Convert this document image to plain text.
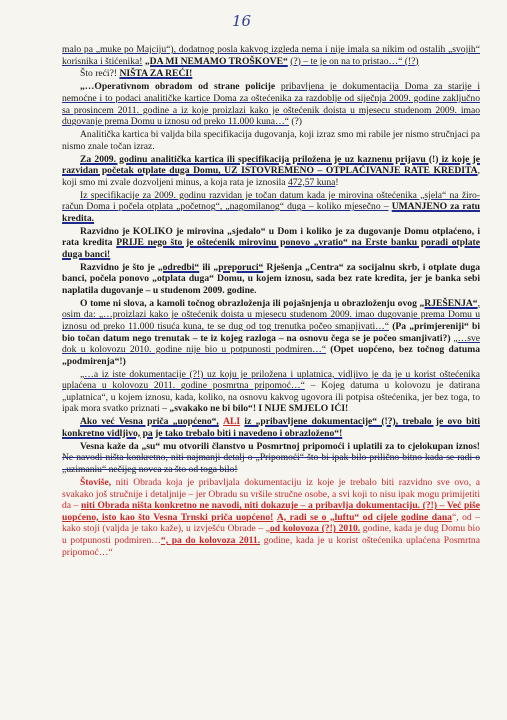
16

malo pa „muke po Majciju“), dodatnog posla kakvog izgleda nema i nije imala sa nikim od ostalih „svojih“ korisnika i štićenika! „DA MI NEMAMO TROŠKOVE“ (?) – te je on na to pristao…“ (!?)

Što reći?! NIŠTA ZA REĆI!

„…Operativnom obradom od strane policije pribavljena je dokumentacija Doma za starije i nemoćne i to podaci analitičke kartice Doma za oštećenika za razdoblje od siječnja 2009. godine zaključno sa prosincem 2011. godine a iz koje proizlazi kako je oštećenik doista u mjesecu studenom 2009. imao dugovanje prema Domu u iznosu od preko 11.000 kuna…“ (?)

Analitička kartica bi valjda bila specifikacija dugovanja, koji izraz smo mi rabile jer nismo stručnjaci pa nismo znale točan izraz.

Za 2009. godinu analitička kartica ili specifikacija priložena je uz kaznenu prijavu (!) iz koje je razvidan početak otplate duga Domu, UZ ISTOVREMENO – OTPLAĆIVANJE RATE KREDITA, koji smo mi zvale dozvoljeni minus, a koja rata je iznosila 472,57 kuna!

Iz specifikacije za 2009. godinu razvidan je točan datum kada je mirovina oštećenika „sjela“ na žiro-račun Doma i počela otplata „početnog“, „nagomilanog“ duga – koliko mjesečno – UMANJENO za ratu kredita.

Razvidno je KOLIKO je mirovina „sjedalo“ u Dom i koliko je za dugovanje Domu otplaćeno, i rata kredita PRIJE nego što je oštećenik mirovinu ponovo „vratio“ na Erste banku poradi otplate duga banci!

Razvidno je što je „odredbi“ ili „preporuci“ Rješenja „Centra“ za socijalnu skrb, i otplate duga banci, počela ponovo „otplata duga“ Domu, u kojem iznosu, sada bez rate kredita, jer je banka sebi naplatila dugovanje – u studenom 2009. godine.

O tome ni slova, a kamoli točnog obrazloženja ili pojašnjenja u obrazloženju ovog „RJEŠENJA“, osim da: „…proizlazi kako je oštećenik doista u mjesecu studenom 2009. imao dugovanje prema Domu u iznosu od preko 11.000 tisuća kuna, te se dug od tog trenutka počeo smanjivati…“ (Pa „primjereniji“ bi bio točan datum nego trenutak – te iz kojeg razloga – na osnovu čega se je počeo smanjivati?) „…sve dok u kolovozu 2010. godine nije bio u potpunosti podmiren…“ (Opet uopćeno, bez točnog datuma „podmirenja“!)

„…a iz iste dokumentacije (?!) uz koju je priložena i uplatnica, vidljivo je da je u korist oštećenika uplaćena u kolovozu 2011. godine posmrtna pripomoć…“ – Kojeg datuma u kolovozu je datirana „uplatnica“, u kojem iznosu, kada, koliko, na osnovu kakvog ugovora ili potpisa oštećenika, jer bez toga, to ipak mora svatko priznati – „svakako ne bi bilo“! I NIJE SMJELO IĆI!

Ako već Vesna priča „uopćeno“, ALI iz „pribavljene dokumentacije“ (!?), trebalo je ovo biti konkretno vidljivo, pa je tako trebalo biti i navedeno i obrazloženo“!

Vesna kaže da „su“ mu otvorili članstvo u Posmrtnoj pripomoći i uplatili za to cjelokupan iznos! Ne navodi ništa konkretno, niti najmanji detalj o „Pripomoći“ što bi ipak bilo prilično bitno kada se radi o „uzimaniu“ nečijeg novca za što od toga bilo!

Štoviše, niti Obrada koja je pribavljala dokumentaciju iz koje je trebalo biti razvidno sve ovo, a svakako još stručnije i detaljnije – jer Obradu su vršile stručne osobe, a svi koji to nisu ipak mogu primijetiti da – niti Obrada ništa konkretno ne navodi, niti dokazuje – a pribavlja dokumentaciju. (?!) – Već piše uopćeno, isto kao što Vesna Trnski priča uopćeno! A, radi se o „luftu“ od cijele godine dana“, od – kako stoji (valjda je tako kaže), u izvješću Obrade – „od kolovoza (?!) 2010. godine, kada je dug Domu bio u potpunosti podmiren…“, pa do kolovoza 2011. godine, kada je u korist oštećenika uplaćena Posmrtna pripomoć…“
